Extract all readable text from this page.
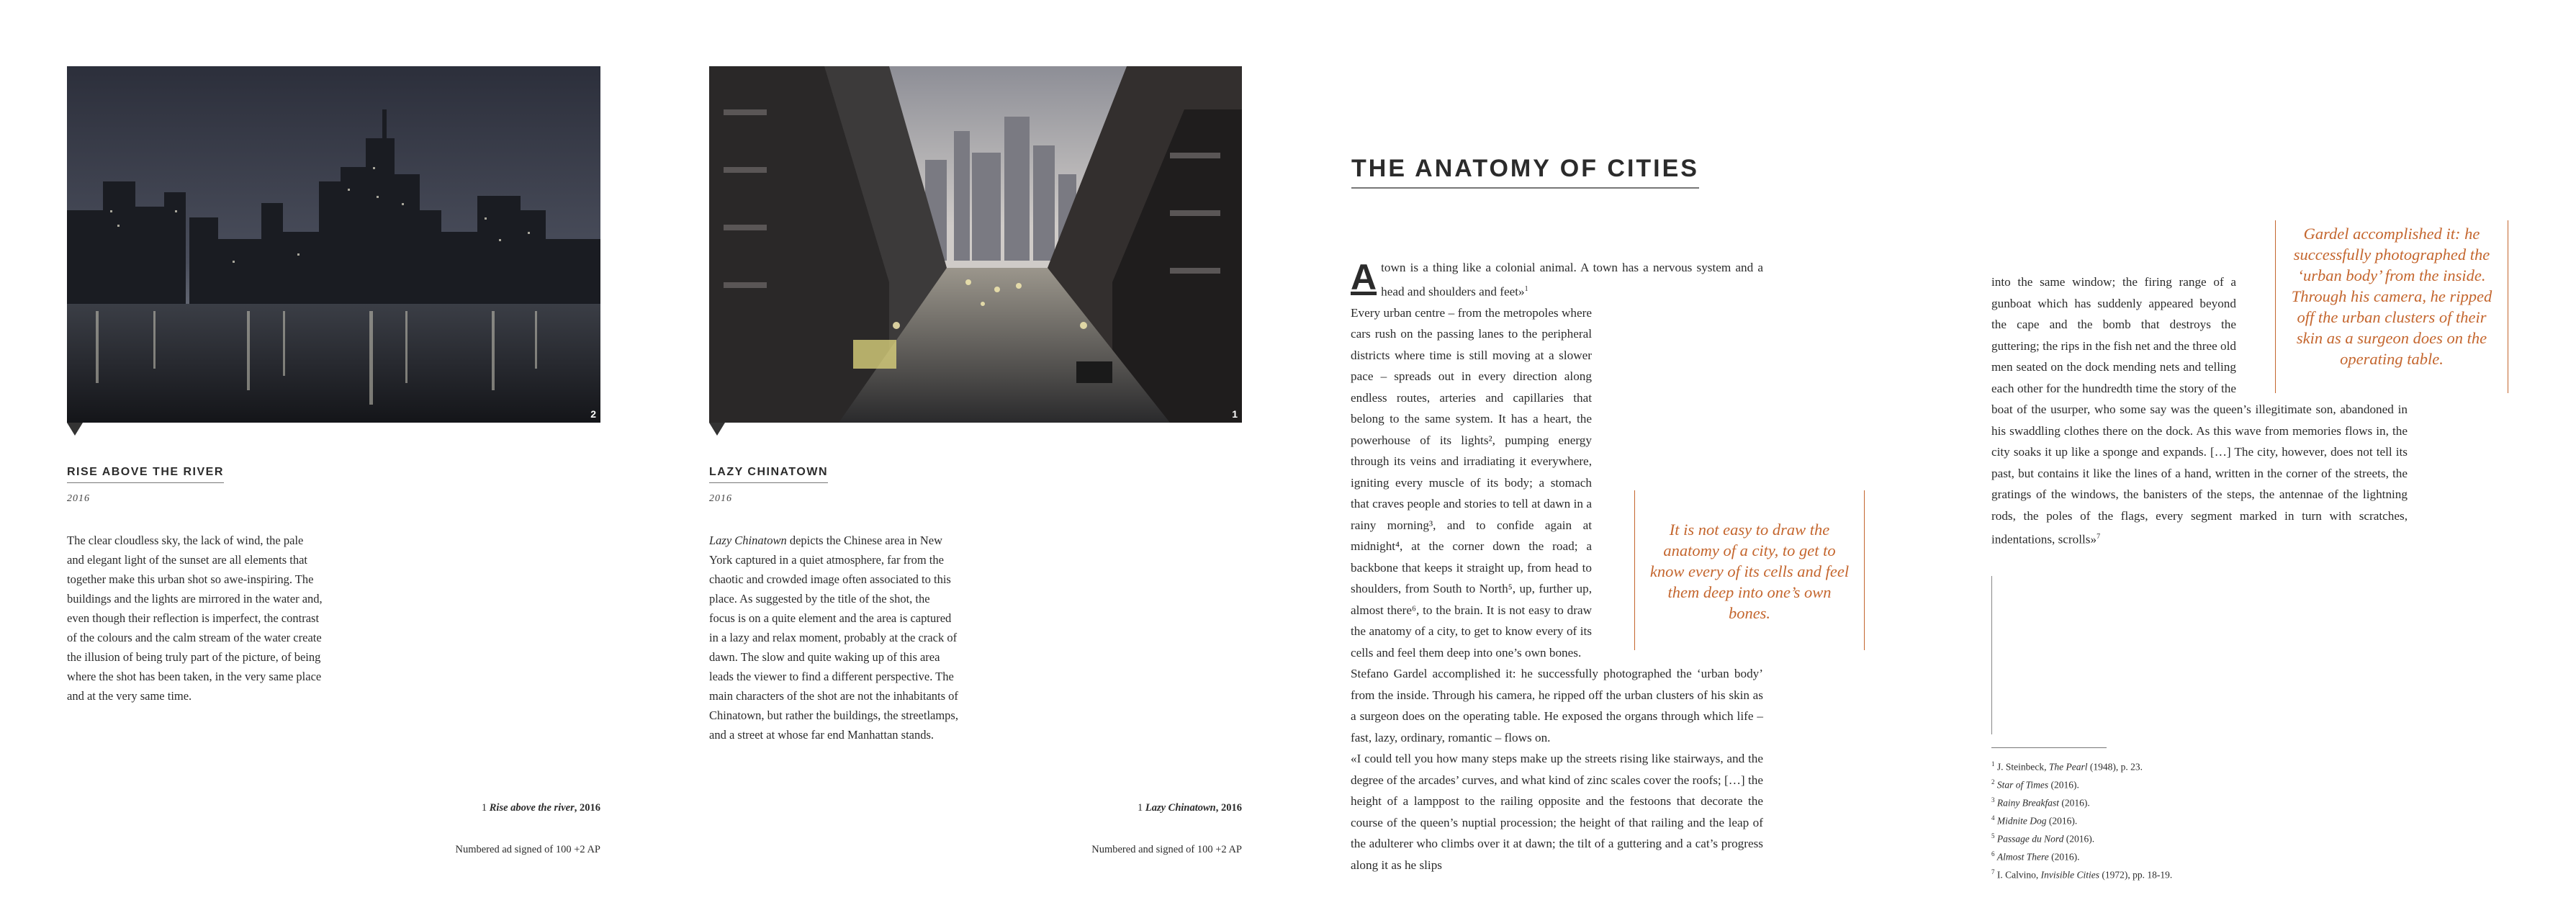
2
RISE ABOVE THE RIVER
2016
The clear cloudless sky, the lack of wind, the pale and elegant light of the sunset are all elements that together make this urban shot so awe-inspiring. The buildings and the lights are mirrored in the water and, even though their reflection is imperfect, the contrast of the colours and the calm stream of the water create the illusion of being truly part of the picture, of being where the shot has been taken, in the very same place and at the very same time.
1 Rise above the river, 2016
Numbered ad signed of 100 +2 AP
1
LAZY CHINATOWN
2016
Lazy Chinatown depicts the Chinese area in New York captured in a quiet atmosphere, far from the chaotic and crowded image often associated to this place. As suggested by the title of the shot, the focus is on a quite element and the area is captured in a lazy and relax moment, probably at the crack of dawn. The slow and quite waking up of this area leads the viewer to find a different perspective. The main characters of the shot are not the inhabitants of Chinatown, but rather the buildings, the streetlamps, and a street at whose far end Manhattan stands.
1 Lazy Chinatown, 2016
Numbered and signed of 100 +2 AP
THE ANATOMY OF CITIES

A town is a thing like a colonial animal. A town has a nervous system and a head and shoulders and feet»$^1$

Every urban centre – from the metropoles where cars rush on the passing lanes to the peripheral districts where time is still moving at a slower pace – spreads out in every direction along endless routes, arteries and capillaries that belong to the same system. It has a heart, the powerhouse of its lights², pumping energy through its veins and irradiating it everywhere, igniting every muscle of its body; a stomach that craves people and stories to tell at dawn in a rainy morning³, and to confide again at midnight⁴, at the corner down the road; a backbone that keeps it straight up, from head to shoulders, from South to North⁵, up, further up, almost there⁶, to the brain. It is not easy to draw the anatomy of a city, to get to know every of its cells and feel them deep into one’s own bones.
Stefano Gardel accomplished it: he successfully photographed the ‘urban body’ from the inside. Through his camera, he ripped off the urban clusters of his skin as a surgeon does on the operating table. He exposed the organs through which life – fast, lazy, ordinary, romantic – flows on.

«I could tell you how many steps make up the streets rising like stairways, and the degree of the arcades’ curves, and what kind of zinc scales cover the roofs; […] the height of a lamppost to the railing opposite and the festoons that decorate the course of the queen’s nuptial procession; the height of that railing and the leap of the adulterer who climbs over it at dawn; the tilt of a guttering and a cat’s progress along it as he slips

It is not easy to draw the anatomy of a city, to get to know every of its cells and feel them deep into one’s own bones.

into the same window; the firing range of a gunboat which has suddenly appeared beyond the cape and the bomb that destroys the guttering; the rips in the fish net and the three old men seated on the dock mending nets and telling each other for the hundredth time the story of the boat of the usurper, who some say was the queen’s illegitimate son, abandoned in his swaddling clothes there on the dock. As this wave from memories flows in, the city soaks it up like a sponge and expands. […] The city, however, does not tell its past, but contains it like the lines of a hand, written in the corner of the streets, the gratings of the windows, the banisters of the steps, the antennae of the lightning rods, the poles of the flags, every segment marked in turn with scratches, indentations, scrolls»$^7$

Gardel accomplished it: he successfully photographed the ‘urban body’ from the inside. Through his camera, he ripped off the urban clusters of their skin as a surgeon does on the operating table.
$^1$ J. Steinbeck, The Pearl (1948), p. 23.
$^2$ Star of Times (2016).
$^3$ Rainy Breakfast (2016).
$^4$ Midnite Dog (2016).
$^5$ Passage du Nord (2016).
$^6$ Almost There (2016).
$^7$ I. Calvino, Invisible Cities (1972), pp. 18-19.
